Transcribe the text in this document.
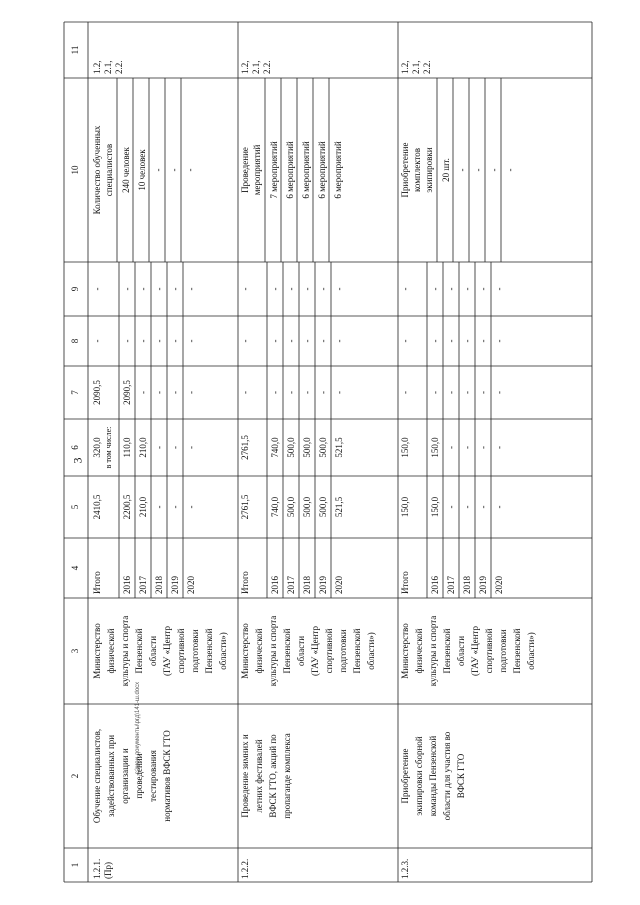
3
c:\мои документы\ргд\141-ш.docx
1
2
3
4
5
6
7
8
9
10
11
1.2.1. (Пр)
Обучение специалистов, задействованных при организации и проведении тестирования нормативов ВФСК ГТО
Министерство физической культуры и спорта Пензенской области (ГАУ «Центр спортивной подготовки Пензенской области»)
Итого
2410,5
320,0
2090,5
-
-
2016
2200,5
110,0
2090,5
-
-
2017
210,0
210,0
-
-
-
2018
-
-
-
-
-
2019
-
-
-
-
-
2020
-
-
-
-
-
в том числе:
Количество обученных специалистов 240 человек 10 человек - - -
1.2, 2.1, 2.2.
1.2.2.
Проведение зимних и летних фестивалей ВФСК ГТО, акций по пропаганде комплекса
Министерство физической культуры и спорта Пензенской области (ГАУ «Центр спортивной подготовки Пензенской области»)
Итого
2761,5
2761,5
-
-
-
2016
740,0
740,0
-
-
-
2017
500,0
500,0
-
-
-
2018
500,0
500,0
-
-
-
2019
500,0
500,0
-
-
-
2020
521,5
521,5
-
-
-
Проведение мероприятий 7 мероприятий 6 мероприятий 6 мероприятий 6 мероприятий 6 мероприятий
1.2, 2.1, 2.2.
1.2.3.
Приобретение экипировки сборной команды Пензенской области для участия во ВФСК ГТО
Министерство физической культуры и спорта Пензенской области (ГАУ «Центр спортивной подготовки Пензенской области»)
Итого
150,0
150,0
-
-
-
2016
150,0
150,0
-
-
-
2017
-
-
-
-
-
2018
-
-
-
-
-
2019
-
-
-
-
-
2020
-
-
-
-
-
Приобретение комплектов экипировки 20 шт. - - - -
1.2, 2.1, 2.2.
